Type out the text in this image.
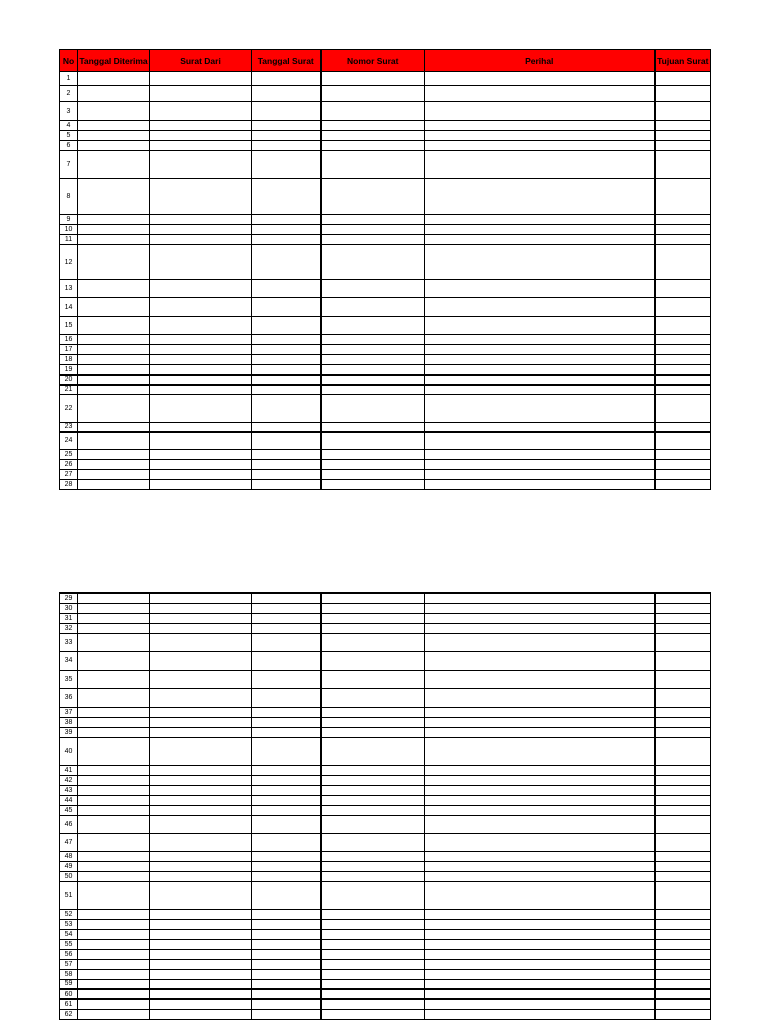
No	Tanggal Diterima	Surat Dari	Tanggal Surat	Nomor Surat	Perihal	Tujuan Surat
1						
2						
3						
4						
5						
6						
7						
8						
9						
10						
11						
12						
13						
14						
15						
16						
17						
18						
19						
20						
21						
22						
23						
24						
25						
26						
27						
28						
29						
30						
31						
32						
33						
34						
35						
36						
37						
38						
39						
40						
41						
42						
43						
44						
45						
46						
47						
48						
49						
50						
51						
52						
53						
54						
55						
56						
57						
58						
59						
60						
61						
62						
